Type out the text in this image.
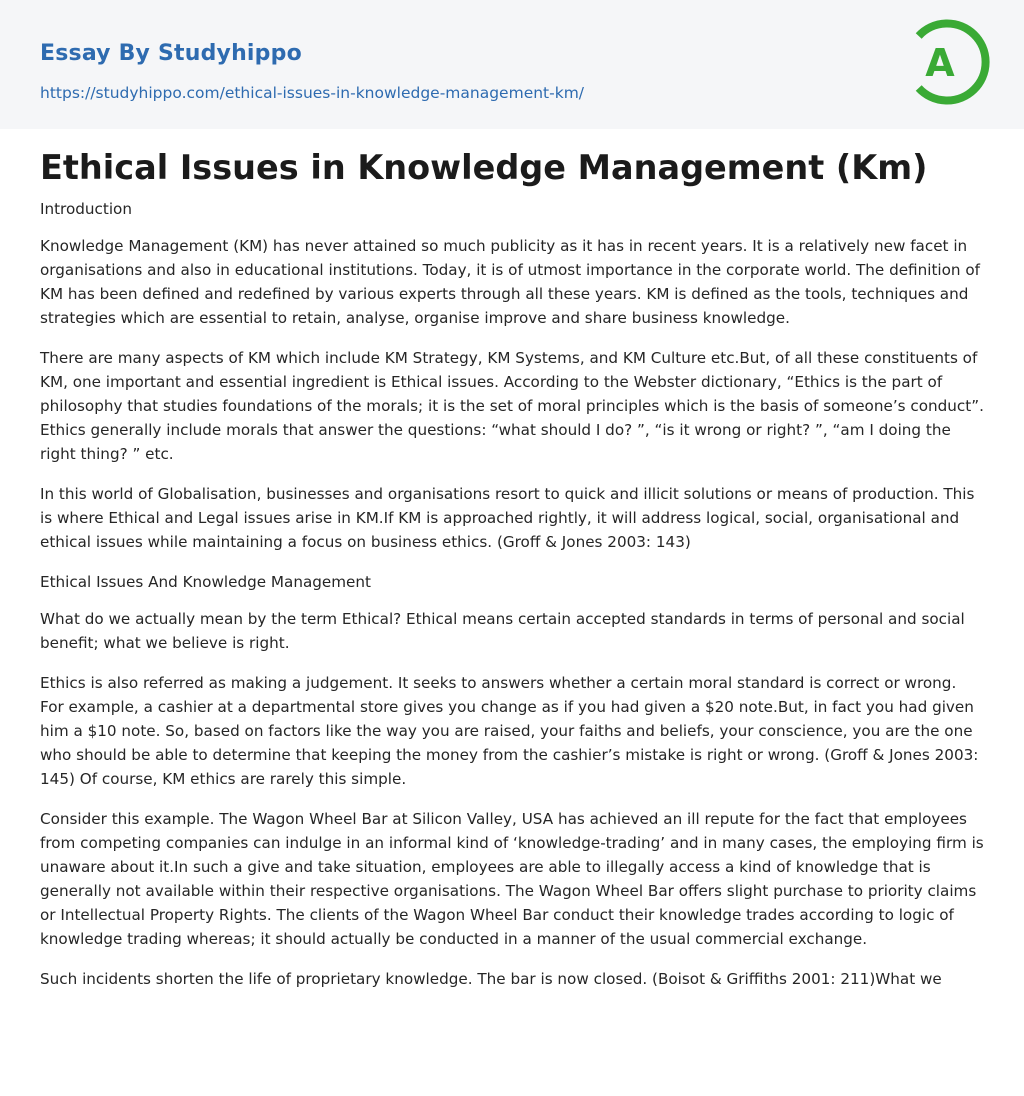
Essay By Studyhippo
https://studyhippo.com/ethical-issues-in-knowledge-management-km/
A
Ethical Issues in Knowledge Management (Km)

Introduction

Knowledge Management (KM) has never attained so much publicity as it has in recent years. It is a relatively new facet in organisations and also in educational institutions. Today, it is of utmost importance in the corporate world. The definition of KM has been defined and redefined by various experts through all these years. KM is defined as the tools, techniques and strategies which are essential to retain, analyse, organise improve and share business knowledge.

There are many aspects of KM which include KM Strategy, KM Systems, and KM Culture etc.But, of all these constituents of KM, one important and essential ingredient is Ethical issues. According to the Webster dictionary, “Ethics is the part of philosophy that studies foundations of the morals; it is the set of moral principles which is the basis of someone’s conduct”. Ethics generally include morals that answer the questions: “what should I do? ”, “is it wrong or right? ”, “am I doing the right thing? ” etc.

In this world of Globalisation, businesses and organisations resort to quick and illicit solutions or means of production. This is where Ethical and Legal issues arise in KM.If KM is approached rightly, it will address logical, social, organisational and ethical issues while maintaining a focus on business ethics. (Groff & Jones 2003: 143)

Ethical Issues And Knowledge Management

What do we actually mean by the term Ethical? Ethical means certain accepted standards in terms of personal and social benefit; what we believe is right.

Ethics is also referred as making a judgement. It seeks to answers whether a certain moral standard is correct or wrong. For example, a cashier at a departmental store gives you change as if you had given a $20 note.But, in fact you had given him a $10 note. So, based on factors like the way you are raised, your faiths and beliefs, your conscience, you are the one who should be able to determine that keeping the money from the cashier’s mistake is right or wrong. (Groff & Jones 2003: 145) Of course, KM ethics are rarely this simple.

Consider this example. The Wagon Wheel Bar at Silicon Valley, USA has achieved an ill repute for the fact that employees from competing companies can indulge in an informal kind of ‘knowledge-trading’ and in many cases, the employing firm is unaware about it.In such a give and take situation, employees are able to illegally access a kind of knowledge that is generally not available within their respective organisations. The Wagon Wheel Bar offers slight purchase to priority claims or Intellectual Property Rights. The clients of the Wagon Wheel Bar conduct their knowledge trades according to logic of knowledge trading whereas; it should actually be conducted in a manner of the usual commercial exchange.

Such incidents shorten the life of proprietary knowledge. The bar is now closed. (Boisot & Griffiths 2001: 211)What we
